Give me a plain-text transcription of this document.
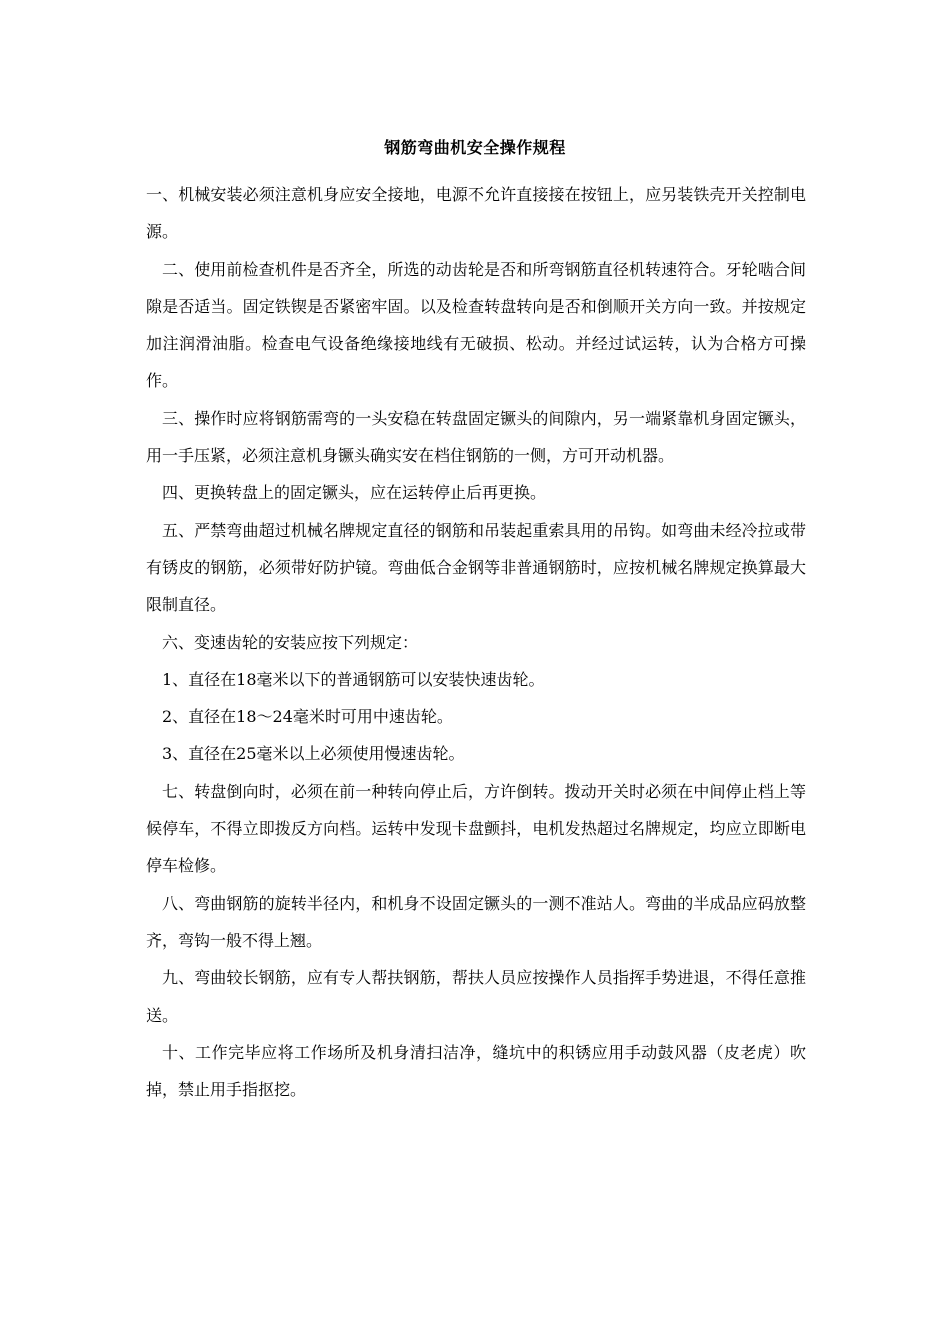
钢筋弯曲机安全操作规程

一、机械安装必须注意机身应安全接地，电源不允许直接接在按钮上，应另装铁壳开关控制电源。

二、使用前检查机件是否齐全，所选的动齿轮是否和所弯钢筋直径机转速符合。牙轮啮合间隙是否适当。固定铁锲是否紧密牢固。以及检查转盘转向是否和倒顺开关方向一致。并按规定加注润滑油脂。检查电气设备绝缘接地线有无破损、松动。并经过试运转，认为合格方可操作。

三、操作时应将钢筋需弯的一头安稳在转盘固定镢头的间隙内，另一端紧靠机身固定镢头，用一手压紧，必须注意机身镢头确实安在档住钢筋的一侧，方可开动机器。

四、更换转盘上的固定镢头，应在运转停止后再更换。

五、严禁弯曲超过机械名牌规定直径的钢筋和吊装起重索具用的吊钩。如弯曲未经冷拉或带有锈皮的钢筋，必须带好防护镜。弯曲低合金钢等非普通钢筋时，应按机械名牌规定换算最大限制直径。

六、变速齿轮的安装应按下列规定：

1、直径在18毫米以下的普通钢筋可以安装快速齿轮。

2、直径在18～24毫米时可用中速齿轮。

3、直径在25毫米以上必须使用慢速齿轮。

七、转盘倒向时，必须在前一种转向停止后，方许倒转。拨动开关时必须在中间停止档上等候停车，不得立即拨反方向档。运转中发现卡盘颤抖，电机发热超过名牌规定，均应立即断电停车检修。

八、弯曲钢筋的旋转半径内，和机身不设固定镢头的一测不准站人。弯曲的半成品应码放整齐，弯钩一般不得上翘。

九、弯曲较长钢筋，应有专人帮扶钢筋，帮扶人员应按操作人员指挥手势进退，不得任意推送。

十、工作完毕应将工作场所及机身清扫洁净，缝坑中的积锈应用手动鼓风器（皮老虎）吹掉，禁止用手指抠挖。
